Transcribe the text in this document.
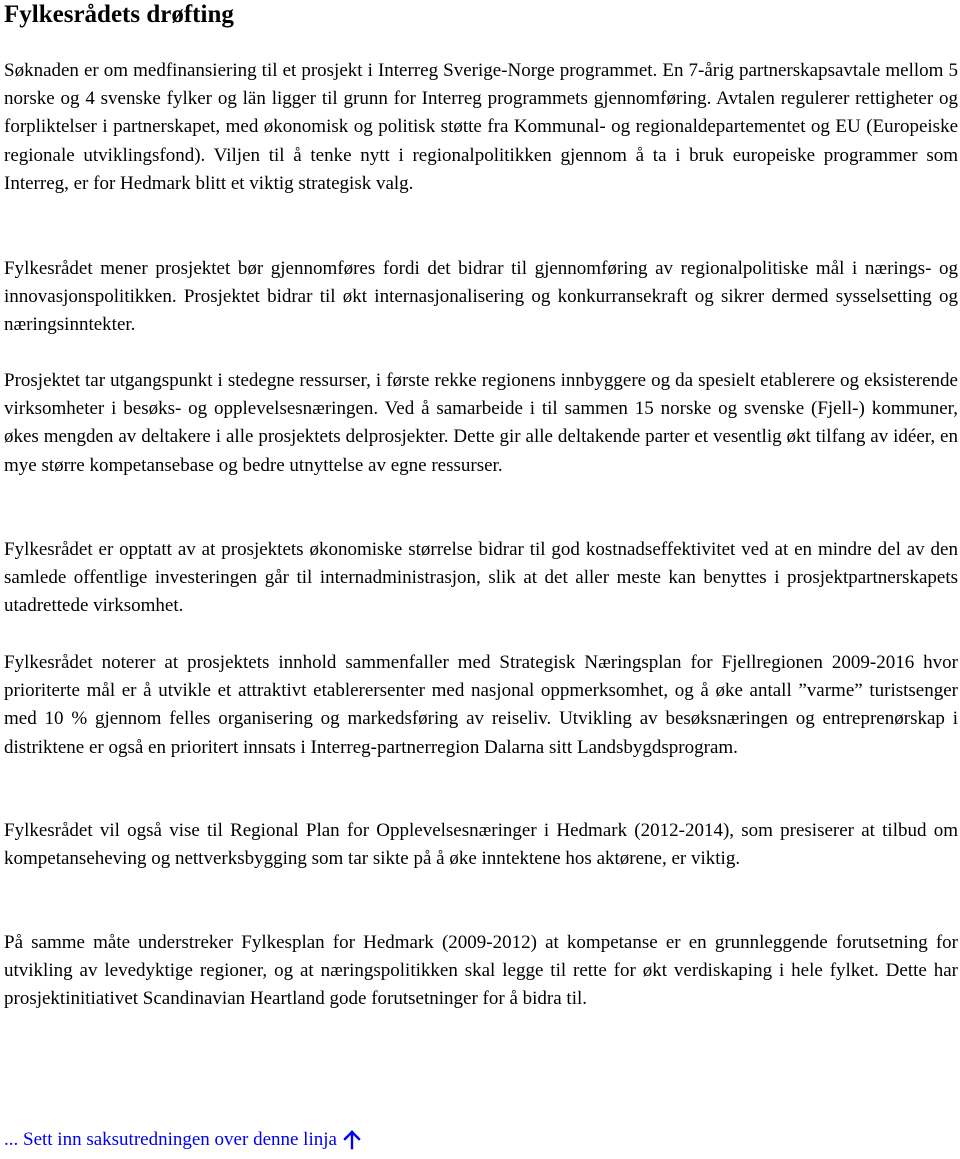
Fylkesrådets drøfting

Søknaden er om medfinansiering til et prosjekt i Interreg Sverige-Norge programmet. En 7-årig partnerskapsavtale mellom 5 norske og 4 svenske fylker og län ligger til grunn for Interreg programmets gjennomføring. Avtalen regulerer rettigheter og forpliktelser i partnerskapet, med økonomisk og politisk støtte fra Kommunal- og regionaldepartementet og EU (Europeiske regionale utviklingsfond). Viljen til å tenke nytt i regionalpolitikken gjennom å ta i bruk europeiske programmer som Interreg, er for Hedmark blitt et viktig strategisk valg.

Fylkesrådet mener prosjektet bør gjennomføres fordi det bidrar til gjennomføring av regionalpolitiske mål i nærings- og innovasjonspolitikken. Prosjektet bidrar til økt internasjonalisering og konkurransekraft og sikrer dermed sysselsetting og næringsinntekter.

Prosjektet tar utgangspunkt i stedegne ressurser, i første rekke regionens innbyggere og da spesielt etablerere og eksisterende virksomheter i besøks- og opplevelsesnæringen. Ved å samarbeide i til sammen 15 norske og svenske (Fjell-) kommuner, økes mengden av deltakere i alle prosjektets delprosjekter. Dette gir alle deltakende parter et vesentlig økt tilfang av idéer, en mye større kompetansebase og bedre utnyttelse av egne ressurser.

Fylkesrådet er opptatt av at prosjektets økonomiske størrelse bidrar til god kostnadseffektivitet ved at en mindre del av den samlede offentlige investeringen går til internadministrasjon, slik at det aller meste kan benyttes i prosjektpartnerskapets utadrettede virksomhet.

Fylkesrådet noterer at prosjektets innhold sammenfaller med Strategisk Næringsplan for Fjellregionen 2009-2016 hvor prioriterte mål er å utvikle et attraktivt etablerersenter med nasjonal oppmerksomhet, og å øke antall ”varme” turistsenger med 10 % gjennom felles organisering og markedsføring av reiseliv. Utvikling av besøksnæringen og entreprenørskap i distriktene er også en prioritert innsats i Interreg-partnerregion Dalarna sitt Landsbygdsprogram.

Fylkesrådet vil også vise til Regional Plan for Opplevelsesnæringer i Hedmark (2012-2014), som presiserer at tilbud om kompetanseheving og nettverksbygging som tar sikte på å øke inntektene hos aktørene, er viktig.

På samme måte understreker Fylkesplan for Hedmark (2009-2012) at kompetanse er en grunnleggende forutsetning for utvikling av levedyktige regioner, og at næringspolitikken skal legge til rette for økt verdiskaping i hele fylket. Dette har prosjektinitiativet Scandinavian Heartland gode forutsetninger for å bidra til.

... Sett inn saksutredningen over denne linja
